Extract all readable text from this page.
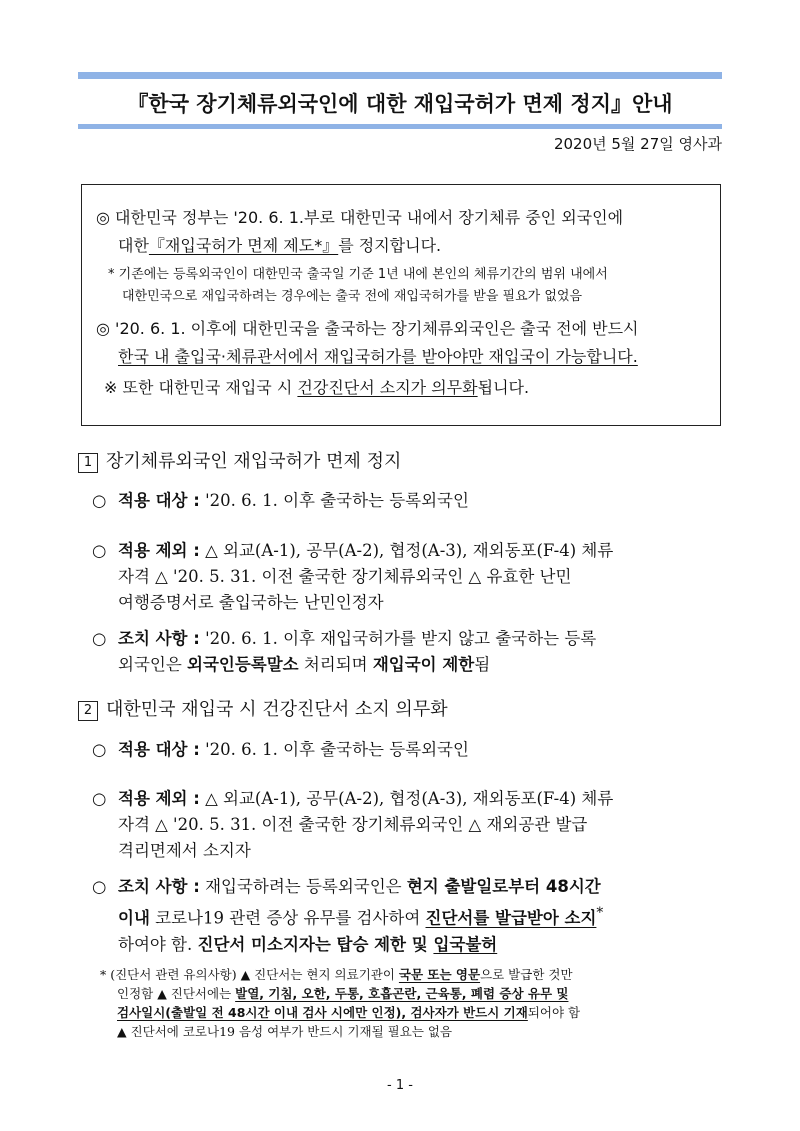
『한국 장기체류외국인에 대한 재입국허가 면제 정지』안내
2020년 5월 27일 영사과
◎ 대한민국 정부는 '20. 6. 1.부로 대한민국 내에서 장기체류 중인 외국인에
대한『재입국허가 면제 제도*』를 정지합니다.
* 기존에는 등록외국인이 대한민국 출국일 기준 1년 내에 본인의 체류기간의 범위 내에서
대한민국으로 재입국하려는 경우에는 출국 전에 재입국허가를 받을 필요가 없었음
◎ '20. 6. 1. 이후에 대한민국을 출국하는 장기체류외국인은 출국 전에 반드시
한국 내 출입국·체류관서에서 재입국허가를 받아야만 재입국이 가능합니다.
※ 또한 대한민국 재입국 시 건강진단서 소지가 의무화됩니다.
1 장기체류외국인 재입국허가 면제 정지
○ 적용 대상 : '20. 6. 1. 이후 출국하는 등록외국인
○ 적용 제외 : △ 외교(A-1), 공무(A-2), 협정(A-3), 재외동포(F-4) 체류
자격 △ '20. 5. 31. 이전 출국한 장기체류외국인 △ 유효한 난민
여행증명서로 출입국하는 난민인정자
○ 조치 사항 : '20. 6. 1. 이후 재입국허가를 받지 않고 출국하는 등록
외국인은 외국인등록말소 처리되며 재입국이 제한됨
2 대한민국 재입국 시 건강진단서 소지 의무화
○ 적용 대상 : '20. 6. 1. 이후 출국하는 등록외국인
○ 적용 제외 : △ 외교(A-1), 공무(A-2), 협정(A-3), 재외동포(F-4) 체류
자격 △ '20. 5. 31. 이전 출국한 장기체류외국인 △ 재외공관 발급
격리면제서 소지자
○ 조치 사항 : 재입국하려는 등록외국인은 현지 출발일로부터 48시간
이내 코로나19 관련 증상 유무를 검사하여 진단서를 발급받아 소지*
하여야 함. 진단서 미소지자는 탑승 제한 및 입국불허
* (진단서 관련 유의사항) ▲ 진단서는 현지 의료기관이 국문 또는 영문으로 발급한 것만
인정함 ▲ 진단서에는 발열, 기침, 오한, 두통, 호흡곤란, 근육통, 폐렴 증상 유무 및
검사일시(출발일 전 48시간 이내 검사 시에만 인정), 검사자가 반드시 기재되어야 함
▲ 진단서에 코로나19 음성 여부가 반드시 기재될 필요는 없음
- 1 -
